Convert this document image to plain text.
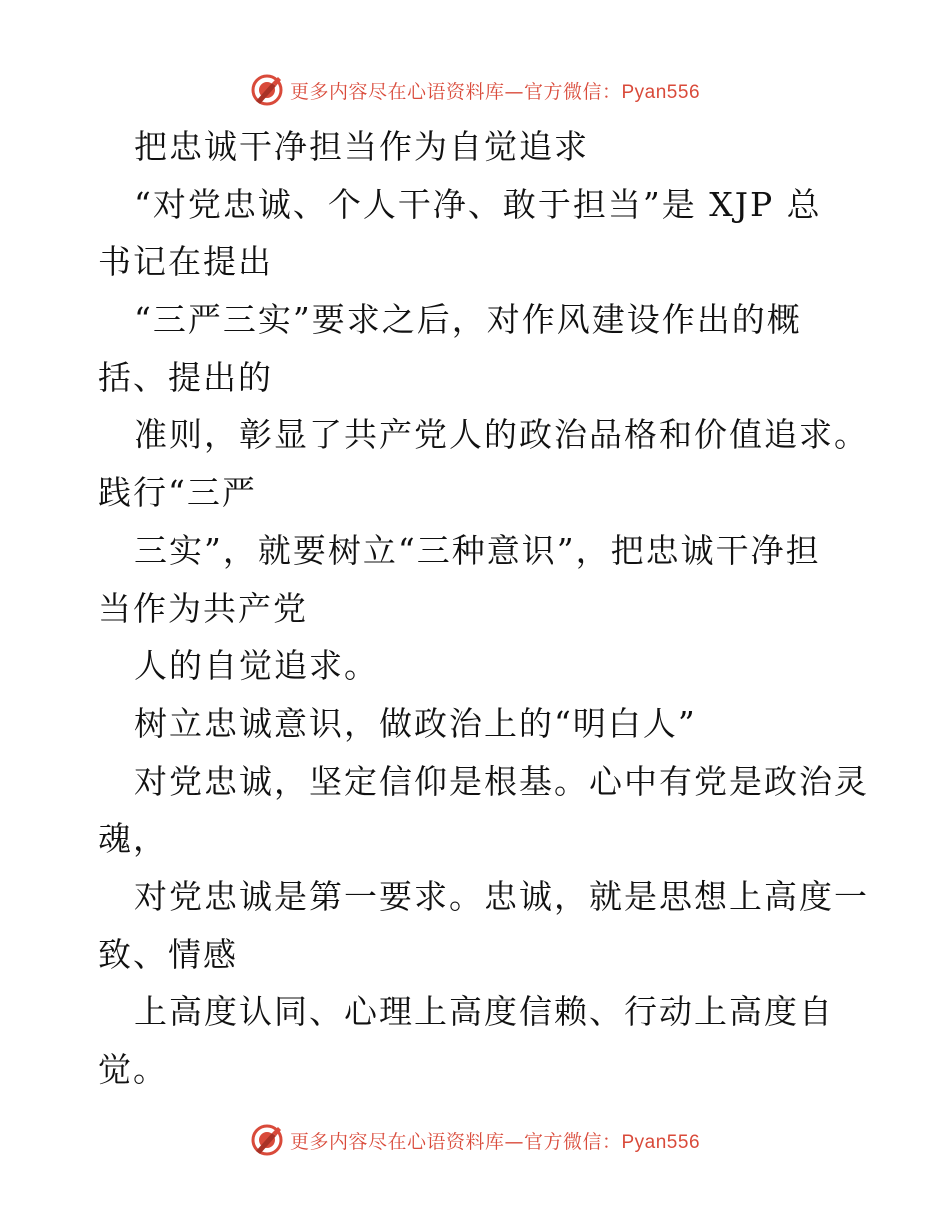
更多内容尽在心语资料库—官方微信：Pyan556
把忠诚干净担当作为自觉追求
“对党忠诚、个人干净、敢于担当”是 XJP 总
书记在提出
“三严三实”要求之后，对作风建设作出的概
括、提出的
准则，彰显了共产党人的政治品格和价值追求。
践行“三严
三实”，就要树立“三种意识”，把忠诚干净担
当作为共产党
人的自觉追求。
树立忠诚意识，做政治上的“明白人”
对党忠诚，坚定信仰是根基。心中有党是政治灵
魂，
对党忠诚是第一要求。忠诚，就是思想上高度一
致、情感
上高度认同、心理上高度信赖、行动上高度自
觉。
更多内容尽在心语资料库—官方微信：Pyan556
